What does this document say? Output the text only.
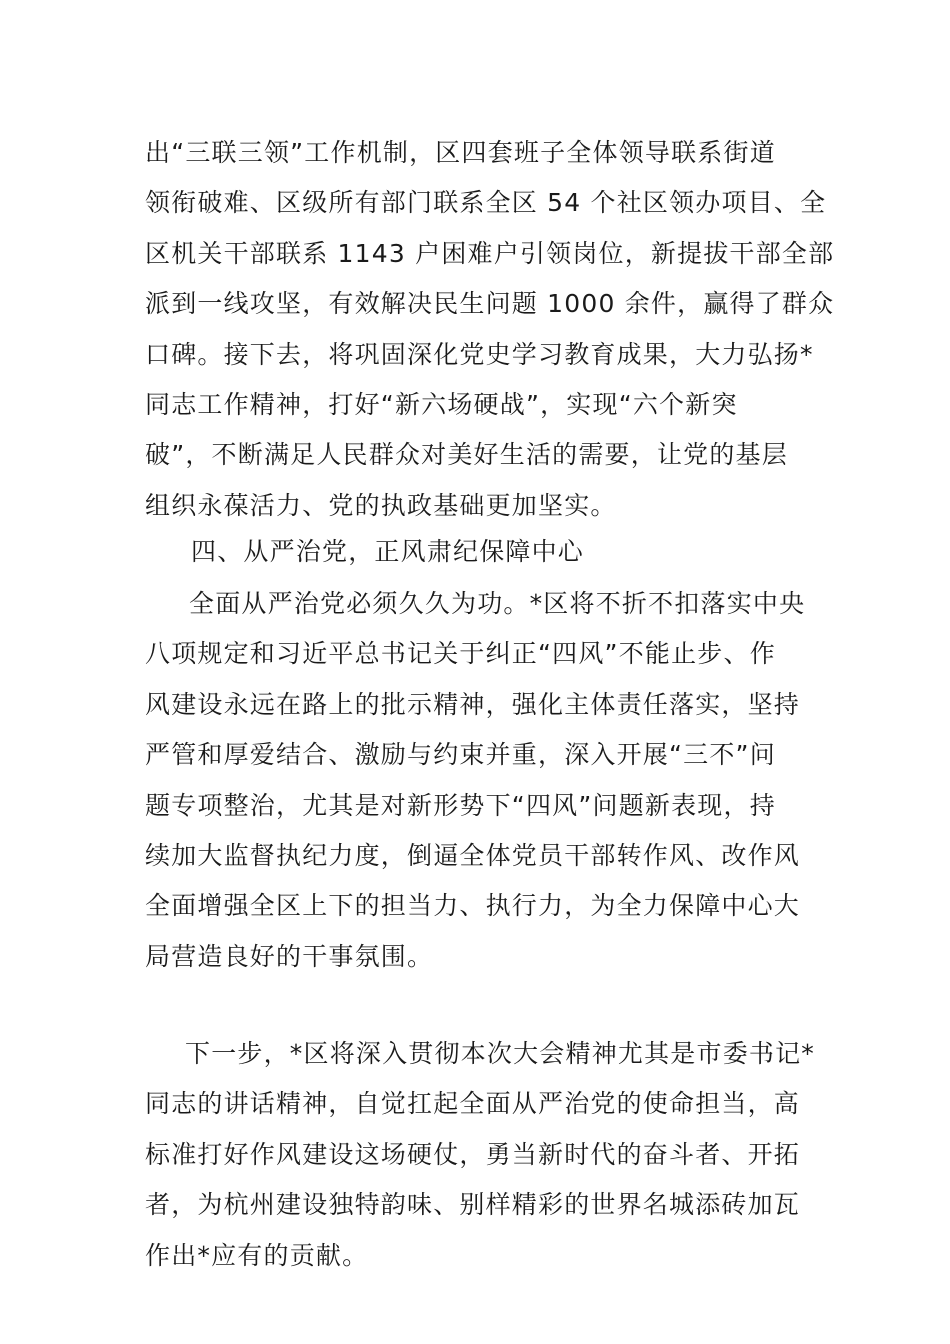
出“三联三领”工作机制，区四套班子全体领导联系街道
领衔破难、区级所有部门联系全区 54 个社区领办项目、全
区机关干部联系 1143 户困难户引领岗位，新提拔干部全部
派到一线攻坚，有效解决民生问题 1000 余件，赢得了群众
口碑。接下去，将巩固深化党史学习教育成果，大力弘扬*
同志工作精神，打好“新六场硬战”，实现“六个新突
破”，不断满足人民群众对美好生活的需要，让党的基层
组织永葆活力、党的执政基础更加坚实。
四、从严治党，正风肃纪保障中心
全面从严治党必须久久为功。*区将不折不扣落实中央
八项规定和习近平总书记关于纠正“四风”不能止步、作
风建设永远在路上的批示精神，强化主体责任落实，坚持
严管和厚爱结合、激励与约束并重，深入开展“三不”问
题专项整治，尤其是对新形势下“四风”问题新表现，持
续加大监督执纪力度，倒逼全体党员干部转作风、改作风
全面增强全区上下的担当力、执行力，为全力保障中心大
局营造良好的干事氛围。
下一步，*区将深入贯彻本次大会精神尤其是市委书记*
同志的讲话精神，自觉扛起全面从严治党的使命担当，高
标准打好作风建设这场硬仗，勇当新时代的奋斗者、开拓
者，为杭州建设独特韵味、别样精彩的世界名城添砖加瓦
作出*应有的贡献。
